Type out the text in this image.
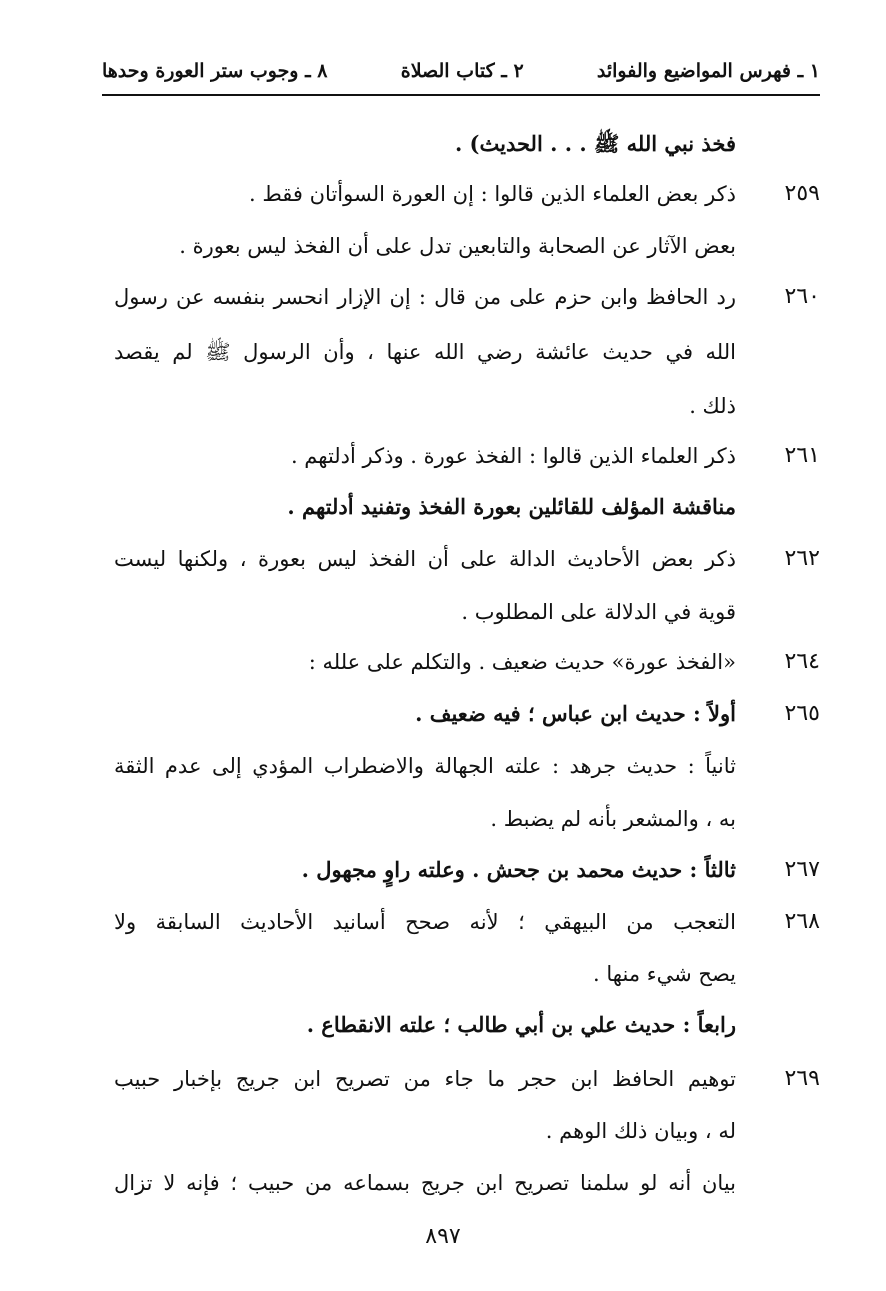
١ ـ فهرس المواضيع والفوائد
٢ ـ كتاب الصلاة
٨ ـ وجوب ستر العورة وحدها
فخذ نبي الله ﷺ . . . الحديث) .
٢٥٩
ذكر بعض العلماء الذين قالوا : إن العورة السوأتان فقط .
بعض الآثار عن الصحابة والتابعين تدل على أن الفخذ ليس بعورة .
٢٦٠
رد الحافظ وابن حزم على من قال : إن الإزار انحسر بنفسه عن رسول
الله في حديث عائشة رضي الله عنها ، وأن الرسول ﷺ لم يقصد
ذلك .
٢٦١
ذكر العلماء الذين قالوا : الفخذ عورة . وذكر أدلتهم .
مناقشة المؤلف للقائلين بعورة الفخذ وتفنيد أدلتهم .
٢٦٢
ذكر بعض الأحاديث الدالة على أن الفخذ ليس بعورة ، ولكنها ليست
قوية في الدلالة على المطلوب .
٢٦٤
«الفخذ عورة» حديث ضعيف . والتكلم على علله :
٢٦٥
أولاً : حديث ابن عباس ؛ فيه ضعيف .
ثانياً : حديث جرهد : علته الجهالة والاضطراب المؤدي إلى عدم الثقة
به ، والمشعر بأنه لم يضبط .
٢٦٧
ثالثاً : حديث محمد بن جحش . وعلته راوٍ مجهول .
٢٦٨
التعجب من البيهقي ؛ لأنه صحح أسانيد الأحاديث السابقة ولا
يصح شيء منها .
رابعاً : حديث علي بن أبي طالب ؛ علته الانقطاع .
٢٦٩
توهيم الحافظ ابن حجر ما جاء من تصريح ابن جريج بإخبار حبيب
له ، وبيان ذلك الوهم .
بيان أنه لو سلمنا تصريح ابن جريج بسماعه من حبيب ؛ فإنه لا تزال
٨٩٧
